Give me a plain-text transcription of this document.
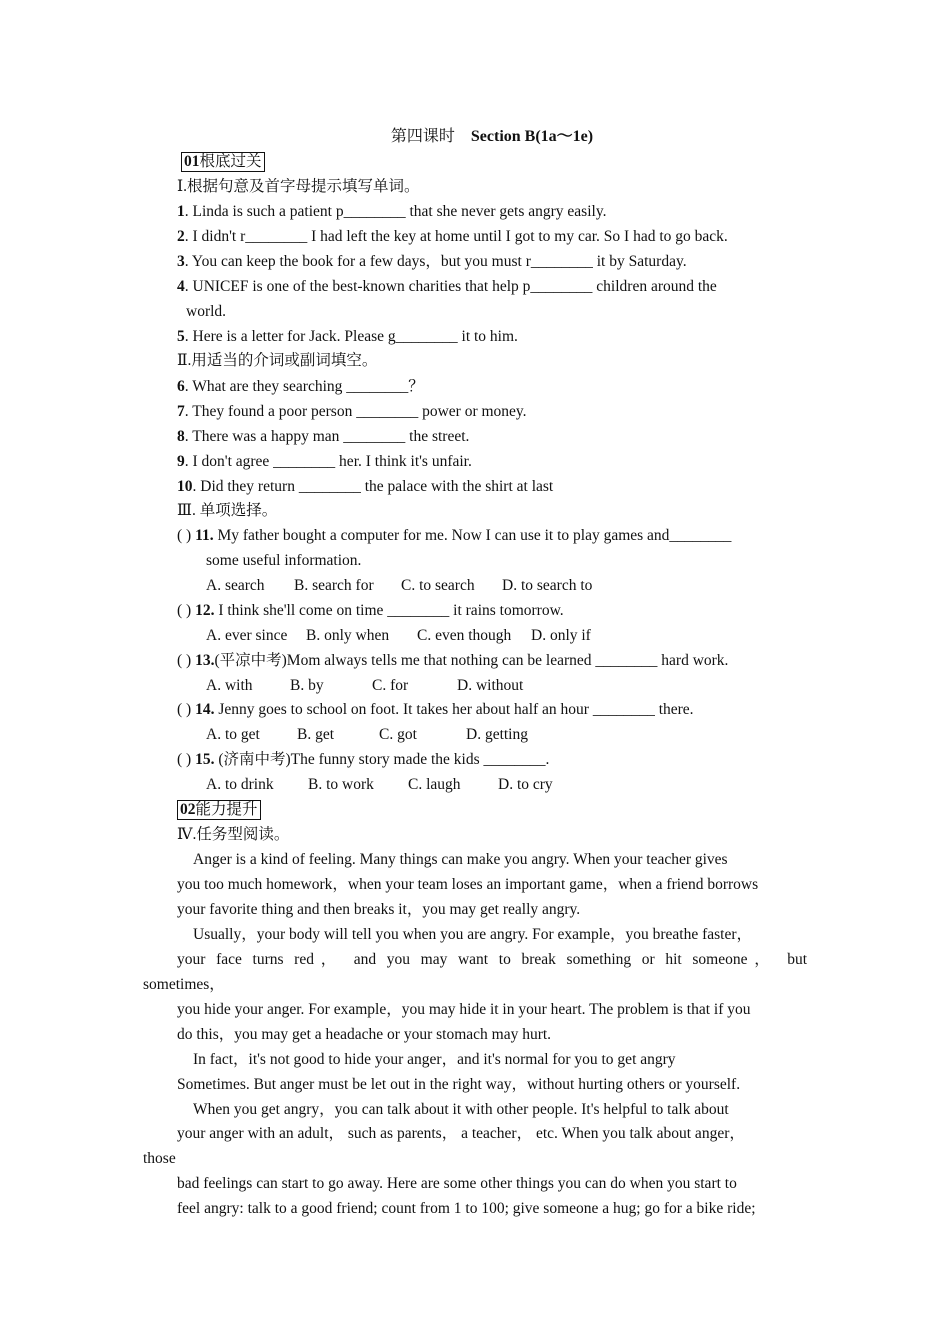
第四课时 Section B(1a～1e)
01根底过关
Ⅰ.根据句意及首字母提示填写单词。
1. Linda is such a patient p________ that she never gets angry easily.
2. I didn't r________ I had left the key at home until I got to my car. So I had to go back.
3. You can keep the book for a few days，but you must r________ it by Saturday.
4. UNICEF is one of the best-known charities that help p________ children around the
world.
5. Here is a letter for Jack. Please g________ it to him.
Ⅱ.用适当的介词或副词填空。
6. What are they searching ________？
7. They found a poor person ________ power or money.
8. There was a happy man ________ the street.
9. I don't agree ________ her. I think it's unfair.
10. Did they return ________ the palace with the shirt at last
Ⅲ. 单项选择。
( ) 11. My father bought a computer for me. Now I can use it to play games and________
some useful information.
A. search B. search for C. to search D. to search to
( ) 12. I think she'll come on time ________ it rains tomorrow.
A. ever since B. only when C. even though D. only if
( ) 13.(平凉中考)Mom always tells me that nothing can be learned ________ hard work.
A. with B. by	C. for	D. without
( ) 14. Jenny goes to school on foot. It takes her about half an hour ________ there.
A. to get B. get	C. got	D. getting
( ) 15. (济南中考)The funny story made the kids ________.
A. to drink B. to work C. laugh D. to cry
02能力提升
Ⅳ.任务型阅读。
Anger is a kind of feeling. Many things can make you angry. When your teacher gives
you too much homework，when your team loses an important game，when a friend borrows
your favorite thing and then breaks it，you may get really angry.
Usually，your body will tell you when you are angry. For example，you breathe faster，
your face turns red， and you may want to break something or hit someone， but
sometimes，
you hide your anger. For example，you may hide it in your heart. The problem is that if you
do this，you may get a headache or your stomach may hurt.
In fact，it's not good to hide your anger，and it's normal for you to get angry
Sometimes. But anger must be let out in the right way，without hurting others or yourself.
When you get angry，you can talk about it with other people. It's helpful to talk about
your anger with an adult， such as parents， a teacher， etc. When you talk about anger，
those
bad feelings can start to go away. Here are some other things you can do when you start to
feel angry: talk to a good friend; count from 1 to 100; give someone a hug; go for a bike ride;
